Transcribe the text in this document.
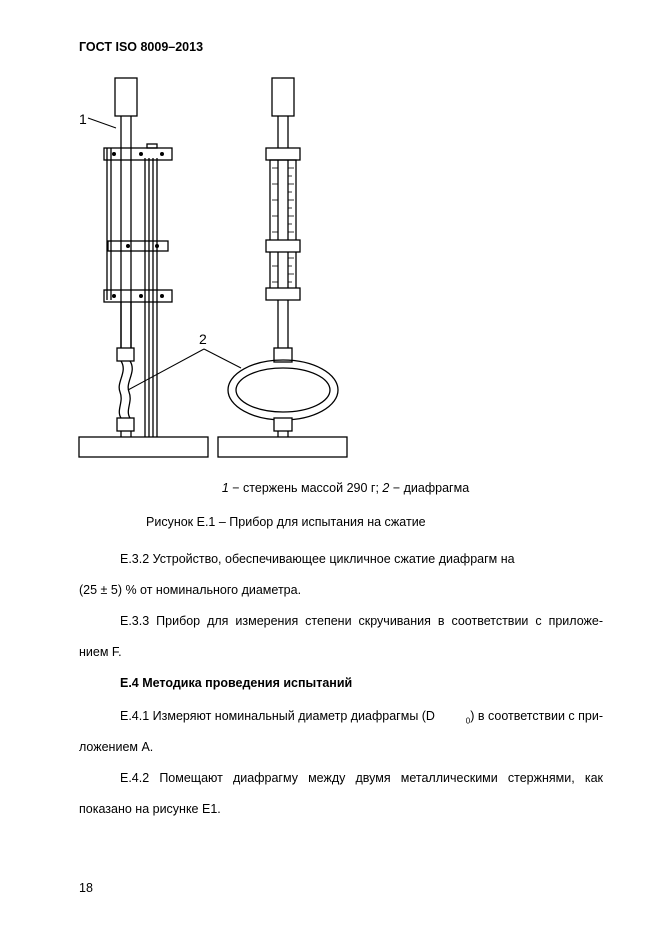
ГОСТ ISO 8009–2013
1
2
1 − стержень массой 290 г; 2 − диафрагма
Рисунок Е.1 – Прибор для испытания на сжатие
Е.3.2 Устройство, обеспечивающее цикличное сжатие диафрагм на
(25 ± 5) % от номинального диаметра.
Е.3.3 Прибор для измерения степени скручивания в соответствии с приложе-
нием F.
Е.4 Методика проведения испытаний
Е.4.1 Измеряют номинальный диаметр диафрагмы (D	$_0$) в соответствии с при-
ложением А.
Е.4.2 Помещают диафрагму между двумя металлическими стержнями, как
показано на рисунке Е1.
18
